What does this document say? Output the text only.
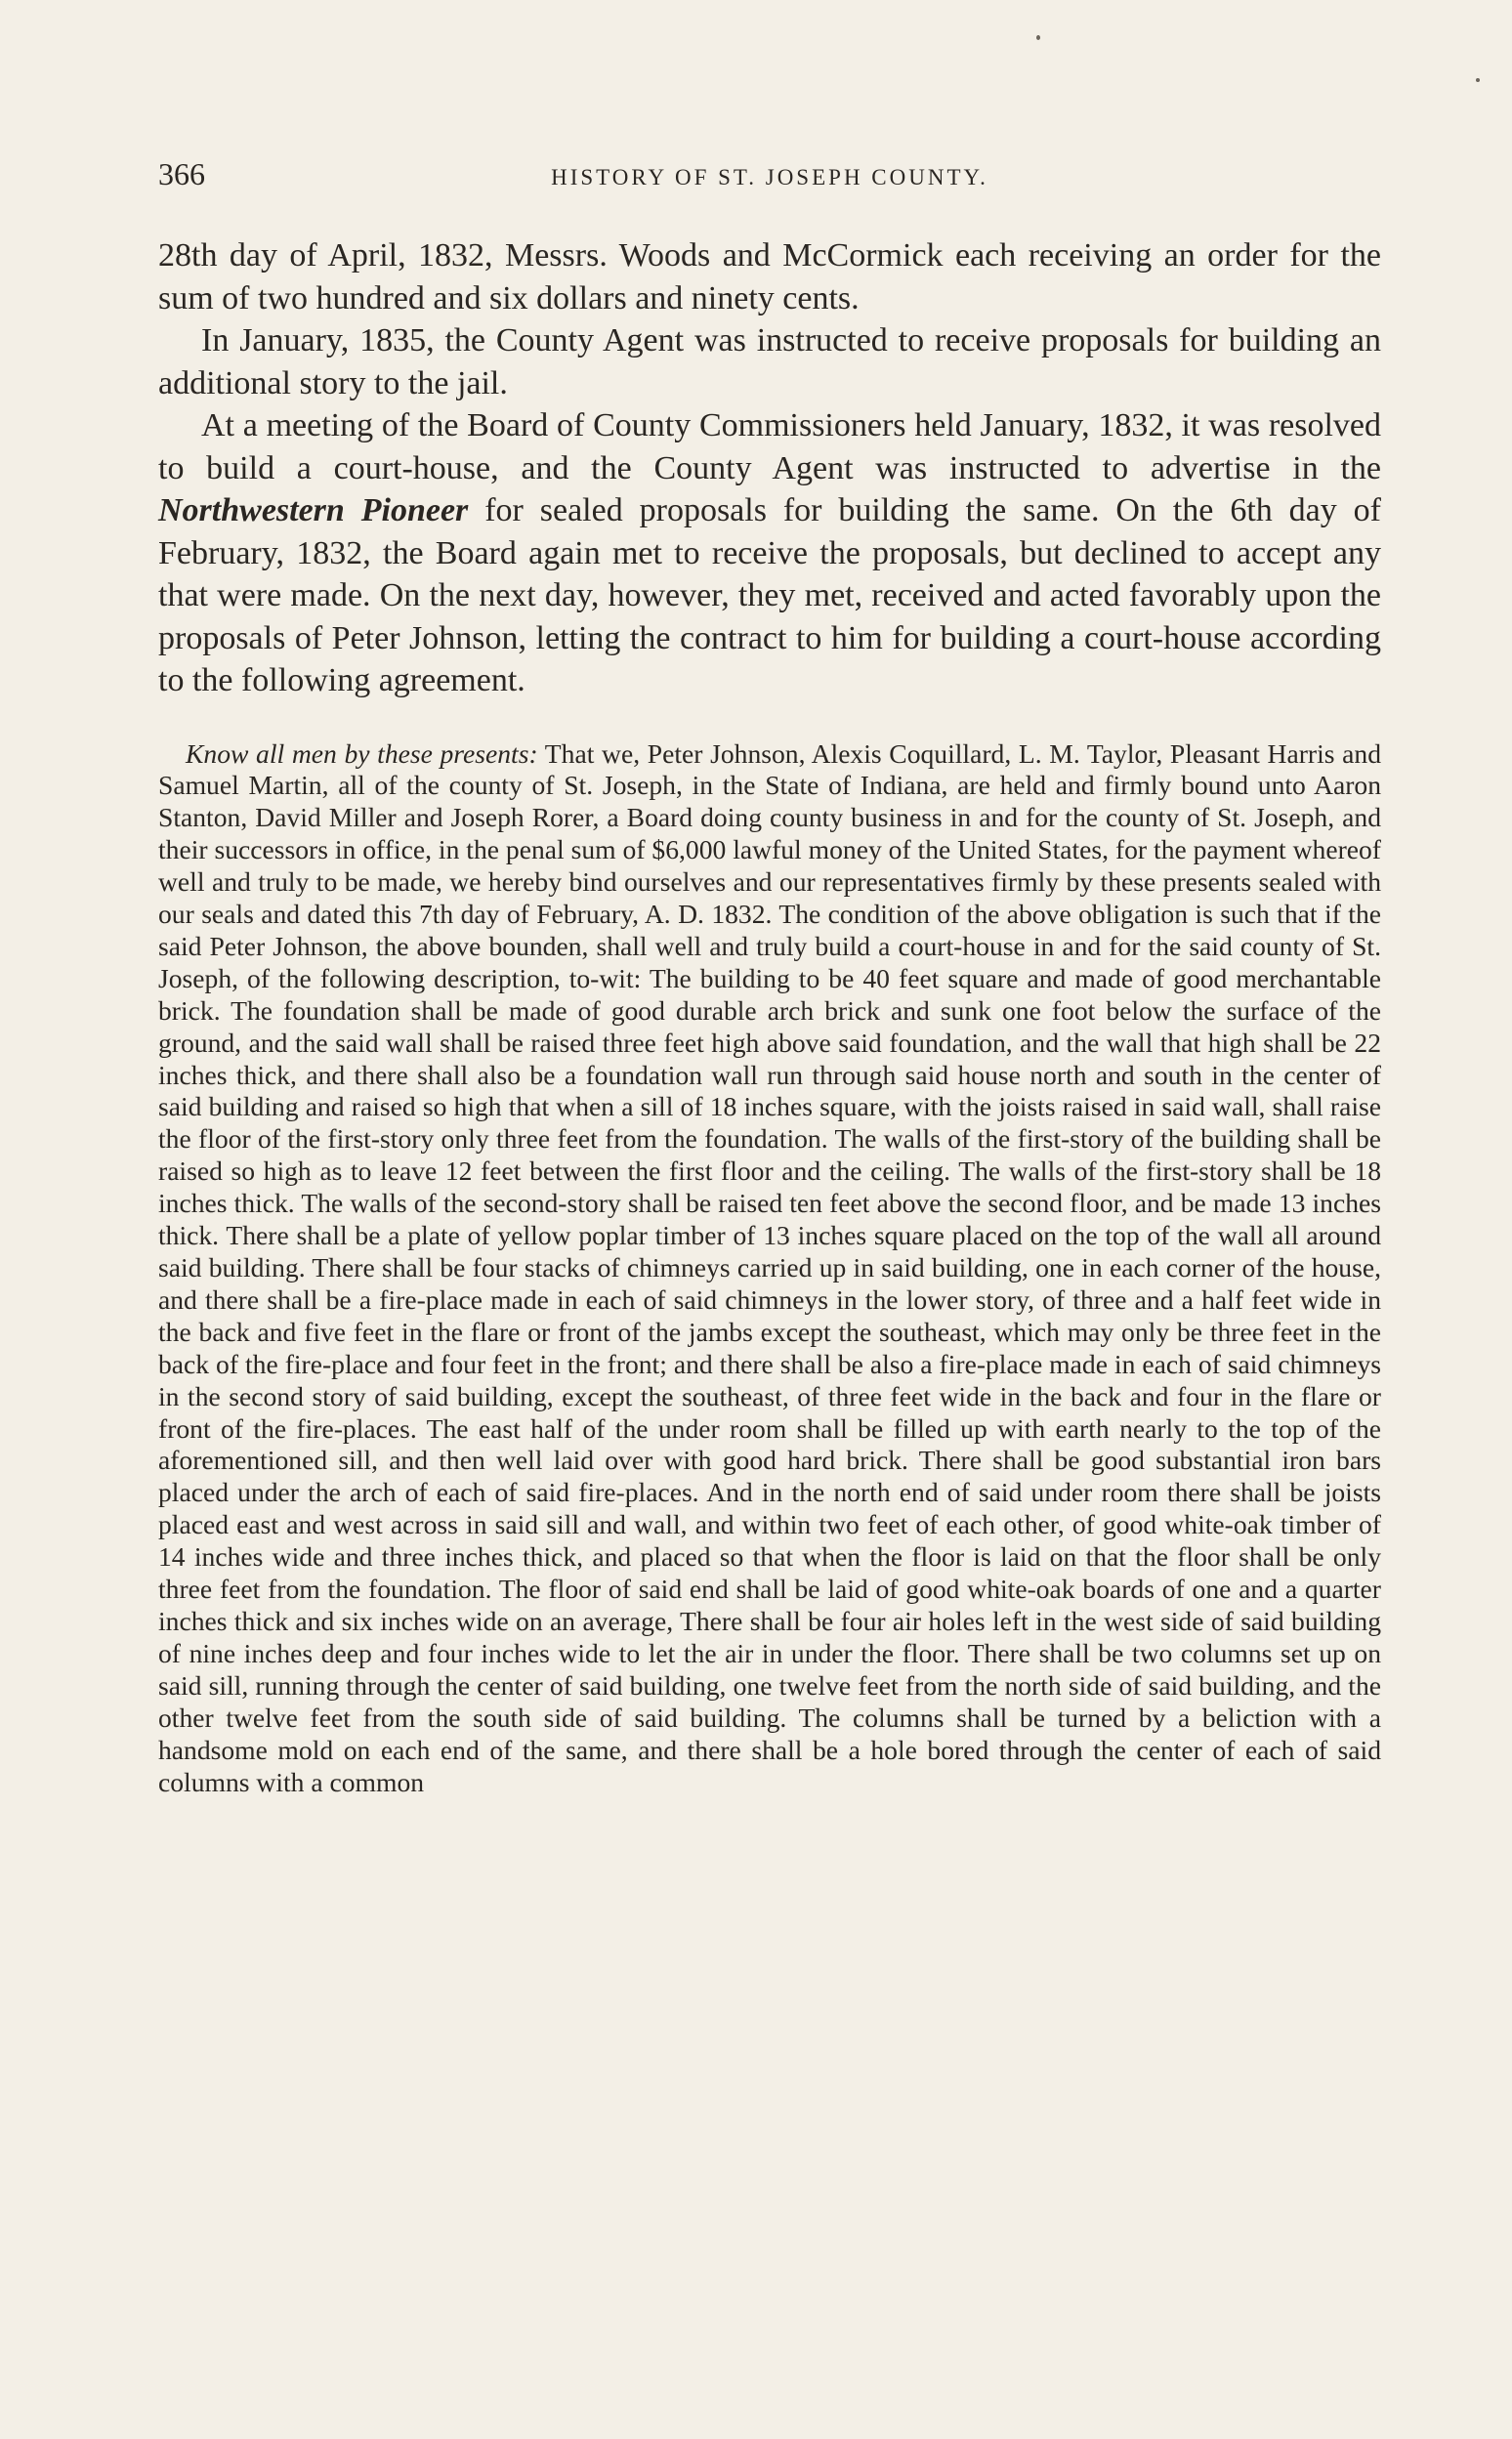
366	HISTORY OF ST. JOSEPH COUNTY.

28th day of April, 1832, Messrs. Woods and McCormick each receiving an order for the sum of two hundred and six dollars and ninety cents.

In January, 1835, the County Agent was instructed to receive proposals for building an additional story to the jail.

At a meeting of the Board of County Commissioners held January, 1832, it was resolved to build a court-house, and the County Agent was instructed to advertise in the Northwestern Pioneer for sealed proposals for building the same. On the 6th day of February, 1832, the Board again met to receive the proposals, but declined to accept any that were made. On the next day, however, they met, received and acted favorably upon the proposals of Peter Johnson, letting the contract to him for building a court-house according to the following agreement.

Know all men by these presents: That we, Peter Johnson, Alexis Coquillard, L. M. Taylor, Pleasant Harris and Samuel Martin, all of the county of St. Joseph, in the State of Indiana, are held and firmly bound unto Aaron Stanton, David Miller and Joseph Rorer, a Board doing county business in and for the county of St. Joseph, and their successors in office, in the penal sum of $6,000 lawful money of the United States, for the payment whereof well and truly to be made, we hereby bind ourselves and our representatives firmly by these presents sealed with our seals and dated this 7th day of February, A. D. 1832. The condition of the above obligation is such that if the said Peter Johnson, the above bounden, shall well and truly build a court-house in and for the said county of St. Joseph, of the following description, to-wit: The building to be 40 feet square and made of good merchantable brick. The foundation shall be made of good durable arch brick and sunk one foot below the surface of the ground, and the said wall shall be raised three feet high above said foundation, and the wall that high shall be 22 inches thick, and there shall also be a foundation wall run through said house north and south in the center of said building and raised so high that when a sill of 18 inches square, with the joists raised in said wall, shall raise the floor of the first-story only three feet from the foundation. The walls of the first-story of the building shall be raised so high as to leave 12 feet between the first floor and the ceiling. The walls of the first-story shall be 18 inches thick. The walls of the second-story shall be raised ten feet above the second floor, and be made 13 inches thick. There shall be a plate of yellow poplar timber of 13 inches square placed on the top of the wall all around said building. There shall be four stacks of chimneys carried up in said building, one in each corner of the house, and there shall be a fire-place made in each of said chimneys in the lower story, of three and a half feet wide in the back and five feet in the flare or front of the jambs except the southeast, which may only be three feet in the back of the fire-place and four feet in the front; and there shall be also a fire-place made in each of said chimneys in the second story of said building, except the southeast, of three feet wide in the back and four in the flare or front of the fire-places. The east half of the under room shall be filled up with earth nearly to the top of the aforementioned sill, and then well laid over with good hard brick. There shall be good substantial iron bars placed under the arch of each of said fire-places. And in the north end of said under room there shall be joists placed east and west across in said sill and wall, and within two feet of each other, of good white-oak timber of 14 inches wide and three inches thick, and placed so that when the floor is laid on that the floor shall be only three feet from the foundation. The floor of said end shall be laid of good white-oak boards of one and a quarter inches thick and six inches wide on an average, There shall be four air holes left in the west side of said building of nine inches deep and four inches wide to let the air in under the floor. There shall be two columns set up on said sill, running through the center of said building, one twelve feet from the north side of said building, and the other twelve feet from the south side of said building. The columns shall be turned by a beliction with a handsome mold on each end of the same, and there shall be a hole bored through the center of each of said columns with a common
